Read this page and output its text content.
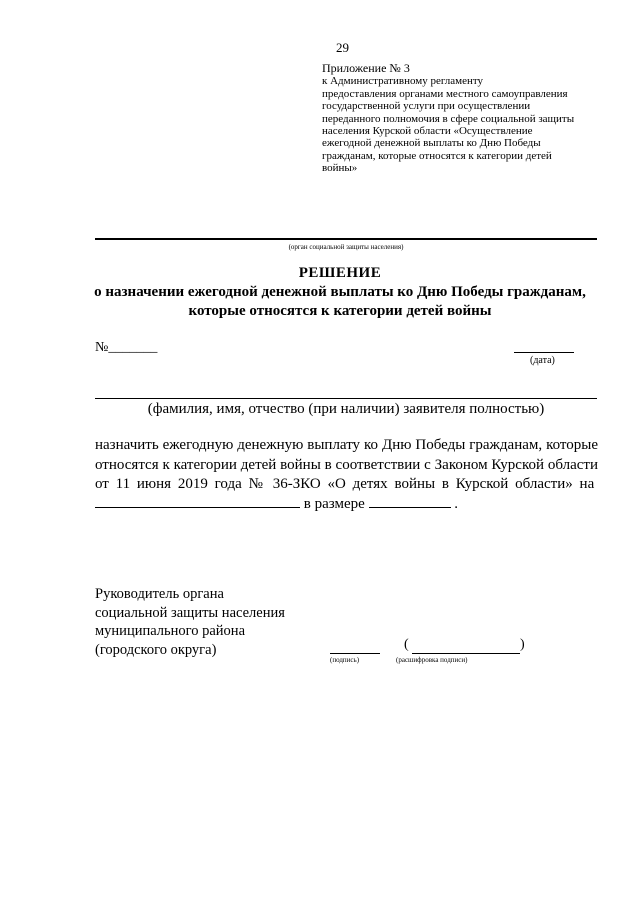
29
Приложение № 3
к Административному регламенту
предоставления органами местного самоуправления
государственной услуги при осуществлении
переданного полномочия в сфере социальной защиты
населения Курской области «Осуществление
ежегодной денежной выплаты ко Дню Победы
гражданам, которые относятся к категории детей
войны»
(орган социальной защиты населения)
РЕШЕНИЕ
о назначении ежегодной денежной выплаты ко Дню Победы гражданам,
которые относятся к категории детей войны
№_______
(дата)
(фамилия, имя, отчество (при наличии) заявителя полностью)
назначить ежегодную денежную выплату ко Дню Победы гражданам, которые относятся к категории детей войны в соответствии с Законом Курской области от 11 июня 2019 года № 36-ЗКО «О детях войны в Курской области» на   в размере	.
Руководитель органа
социальной защиты населения
муниципального района
(городского округа)	(	)
(подпись)	(расшифровка подписи)
